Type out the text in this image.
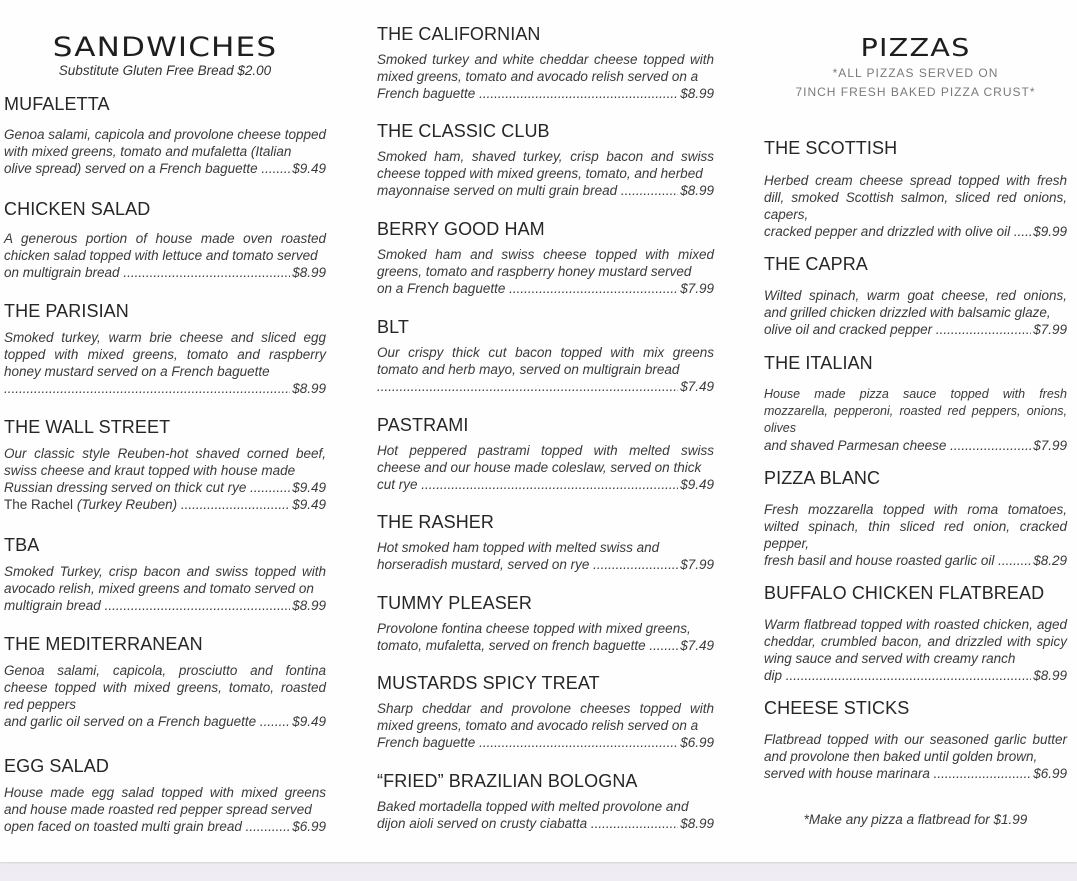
SANDWICHES
Substitute Gluten Free Bread $2.00
MUFALETTA
Genoa salami, capicola and provolone cheese topped with mixed greens, tomato and mufaletta (Italian
olive spread) served on a French baguette .....	$9.49
CHICKEN SALAD
A generous portion of house made oven roasted chicken salad topped with lettuce and tomato served
on multigrain bread .....	$8.99
THE PARISIAN
Smoked turkey, warm brie cheese and sliced egg topped with mixed greens, tomato and raspberry honey mustard served on a French baguette
.....
$8.99
THE WALL STREET
Our classic style Reuben-hot shaved corned beef, swiss cheese and kraut topped with house made
Russian dressing served on thick cut rye .....	$9.49
The Rachel (Turkey Reuben) .....	$9.49
TBA
Smoked Turkey, crisp bacon and swiss topped with avocado relish, mixed greens and tomato served on
multigrain bread .....	$8.99
THE MEDITERRANEAN
Genoa salami, capicola, prosciutto and fontina cheese topped with mixed greens, tomato, roasted red peppers
and garlic oil served on a French baguette .....	$9.49
EGG SALAD
House made egg salad topped with mixed greens and house made roasted red pepper spread served
open faced on toasted multi grain bread .....	$6.99
THE CALIFORNIAN
Smoked turkey and white cheddar cheese topped with mixed greens, tomato and avocado relish served on a
French baguette .....	$8.99
THE CLASSIC CLUB
Smoked ham, shaved turkey, crisp bacon and swiss cheese topped with mixed greens, tomato, and herbed
mayonnaise served on multi grain bread .....	$8.99
BERRY GOOD HAM
Smoked ham and swiss cheese topped with mixed greens, tomato and raspberry honey mustard served
on a French baguette .....	$7.99
BLT
Our crispy thick cut bacon topped with mix greens tomato and herb mayo, served on multigrain bread
.....
$7.49
PASTRAMI
Hot peppered pastrami topped with melted swiss cheese and our house made coleslaw, served on thick
cut rye .....	$9.49
THE RASHER
Hot smoked ham topped with melted swiss and
horseradish mustard, served on rye .....	$7.99
TUMMY PLEASER
Provolone fontina cheese topped with mixed greens,
tomato, mufaletta, served on french baguette .....	$7.49
MUSTARDS SPICY TREAT
Sharp cheddar and provolone cheeses topped with mixed greens, tomato and avocado relish served on a
French baguette .....	$6.99
“FRIED” BRAZILIAN BOLOGNA
Baked mortadella topped with melted provolone and
dijon aioli served on crusty ciabatta .....	$8.99
PIZZAS
*ALL PIZZAS SERVED ON
7INCH FRESH BAKED PIZZA CRUST*
THE SCOTTISH
Herbed cream cheese spread topped with fresh dill, smoked Scottish salmon, sliced red onions, capers,
cracked pepper and drizzled with olive oil .....	$9.99
THE CAPRA
Wilted spinach, warm goat cheese, red onions, and grilled chicken drizzled with balsamic glaze,
olive oil and cracked pepper .....	$7.99
THE ITALIAN
House made pizza sauce topped with fresh mozzarella, pepperoni, roasted red peppers, onions, olives
and shaved Parmesan cheese .....	$7.99
PIZZA BLANC
Fresh mozzarella topped with roma tomatoes, wilted spinach, thin sliced red onion, cracked pepper,
fresh basil and house roasted garlic oil .....	$8.29
BUFFALO CHICKEN FLATBREAD
Warm flatbread topped with roasted chicken, aged cheddar, crumbled bacon, and drizzled with spicy wing sauce and served with creamy ranch
dip .....	$8.99
CHEESE STICKS
Flatbread topped with our seasoned garlic butter and provolone then baked until golden brown,
served with house marinara .....	$6.99
*Make any pizza a flatbread for $1.99
